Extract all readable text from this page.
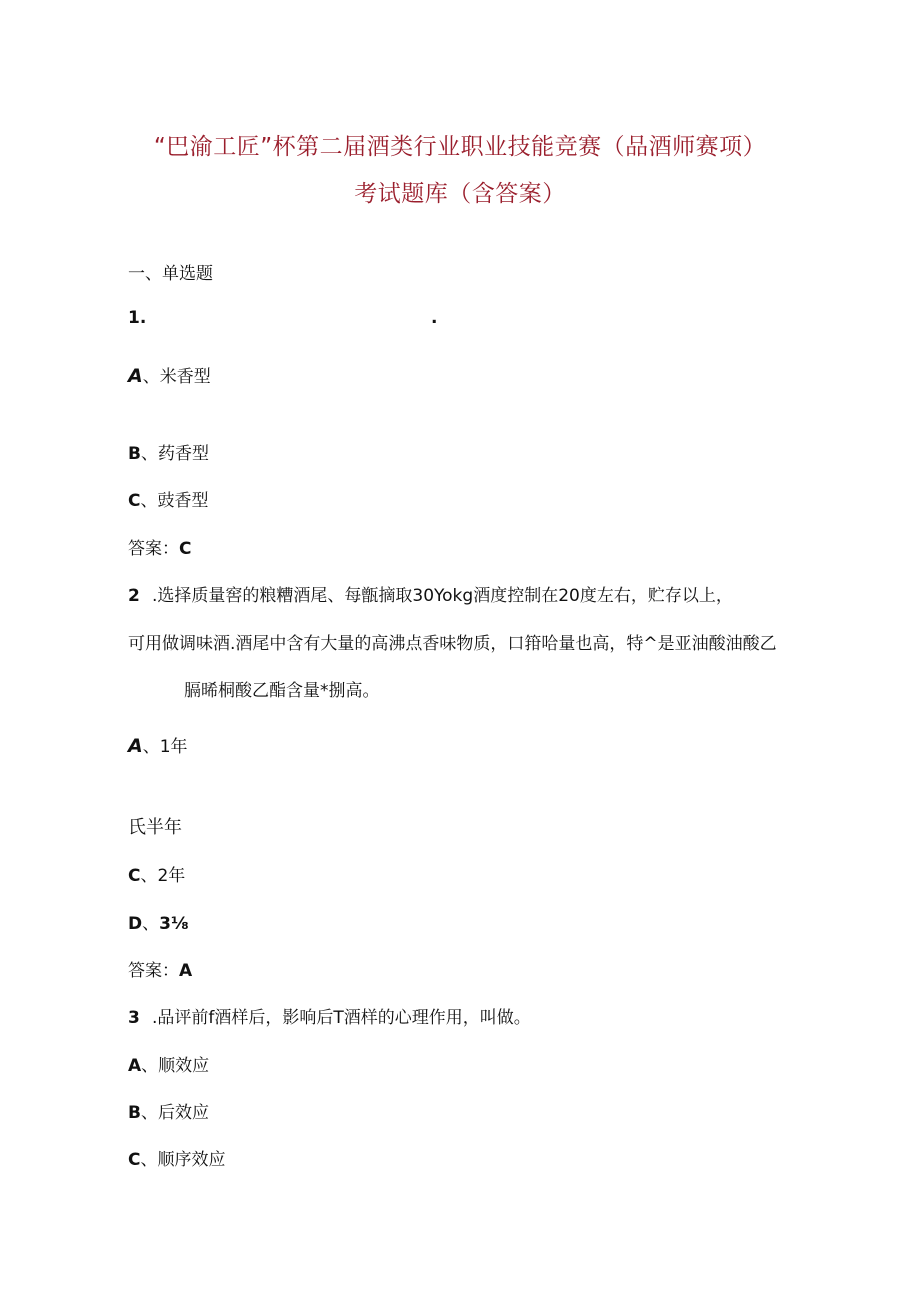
“巴渝工匠”杯第二届酒类行业职业技能竞赛（品酒师赛项）
考试题库（含答案）
一、单选题
1.	.
A、米香型
B、药香型
C、豉香型
答案：C
2 .选择质量窖的粮糟酒尾、每甑摘取30Yokg酒度控制在20度左右，贮存以上，
可用做调味酒.酒尾中含有大量的高沸点香味物质，口箝哈量也高，特^是亚油酸油酸乙
膈晞桐酸乙酯含量*捌高。
A、1年
氏半年
C、2年
D、3⅛
答案：A
3 .品评前f酒样后，影响后T酒样的心理作用，叫做。
A、顺效应
B、后效应
C、顺序效应
